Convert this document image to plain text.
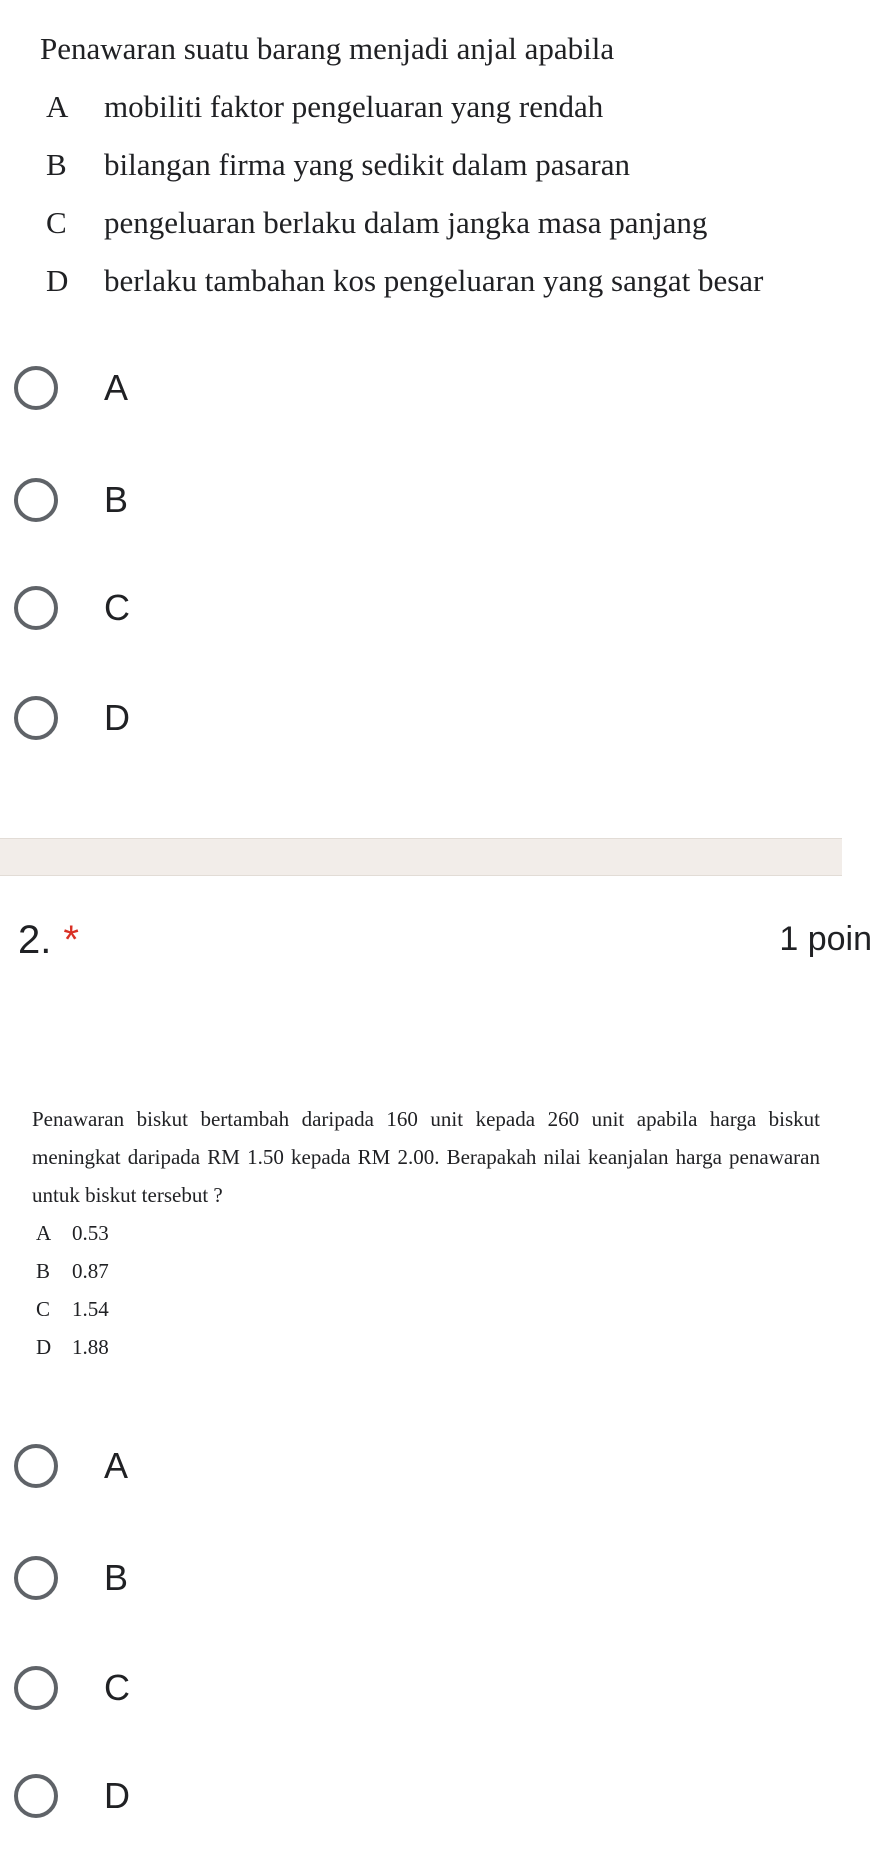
Penawaran suatu barang menjadi anjal apabila

A mobiliti faktor pengeluaran yang rendah

B bilangan firma yang sedikit dalam pasaran

C pengeluaran berlaku dalam jangka masa panjang

D berlaku tambahan kos pengeluaran yang sangat besar

A
B
C
D
2. *	1 poin

Penawaran biskut bertambah daripada 160 unit kepada 260 unit apabila harga biskut meningkat daripada RM 1.50 kepada RM 2.00. Berapakah nilai keanjalan harga penawaran untuk biskut tersebut ?

A 0.53

B 0.87

C 1.54

D 1.88

A
B
C
D
